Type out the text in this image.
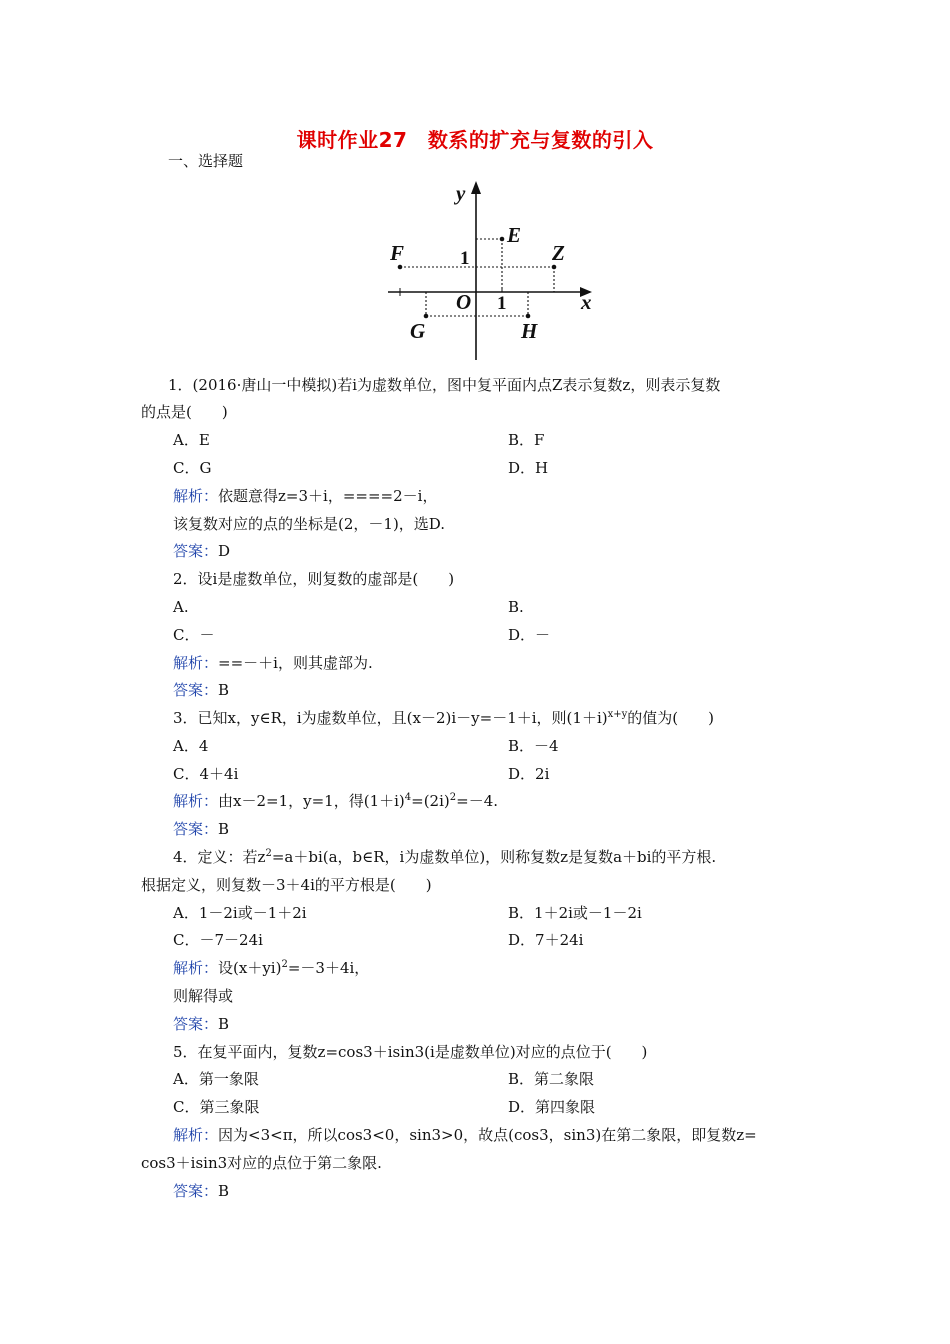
课时作业27　数系的扩充与复数的引入
一、选择题
y
x
O
E
F	Z
G	H
1
1
1．(2016·唐山一中模拟)若i为虚数单位，图中复平面内点Z表示复数z，则表示复数
的点是(　　)
A．E	B．F
C．G	D．H
解析：依题意得z=3＋i，====2－i，
该复数对应的点的坐标是(2，－1)，选D.
答案：D
2．设i是虚数单位，则复数的虚部是(　　)
A.	B.
C．－	D．－
解析：==－＋i，则其虚部为.
答案：B
3．已知x，y∈R，i为虚数单位，且(x－2)i－y=－1＋i，则$(1+i)^{x+y}$的值为(　　)
A．4	B．－4
C．4＋4i	D．2i
解析：由x－2=1，y=1，得$(1+i)^4=(2i)^2=-4$.
答案：B
4．定义：若$z^2=a+bi(a$，b∈R，i为虚数单位)，则称复数z是复数a＋bi的平方根.
根据定义，则复数－3＋4i的平方根是(　　)
A．1－2i或－1＋2i	B．1＋2i或－1－2i
C．－7－24i	D．7＋24i
解析：设$(x+yi)^2=-3+4i$，
则解得或
答案：B
5．在复平面内，复数z=cos3＋isin3(i是虚数单位)对应的点位于(　　)
A．第一象限	B．第二象限
C．第三象限	D．第四象限
解析：因为<3<π，所以cos3<0，sin3>0，故点(cos3，sin3)在第二象限，即复数z=
cos3＋isin3对应的点位于第二象限.
答案：B
